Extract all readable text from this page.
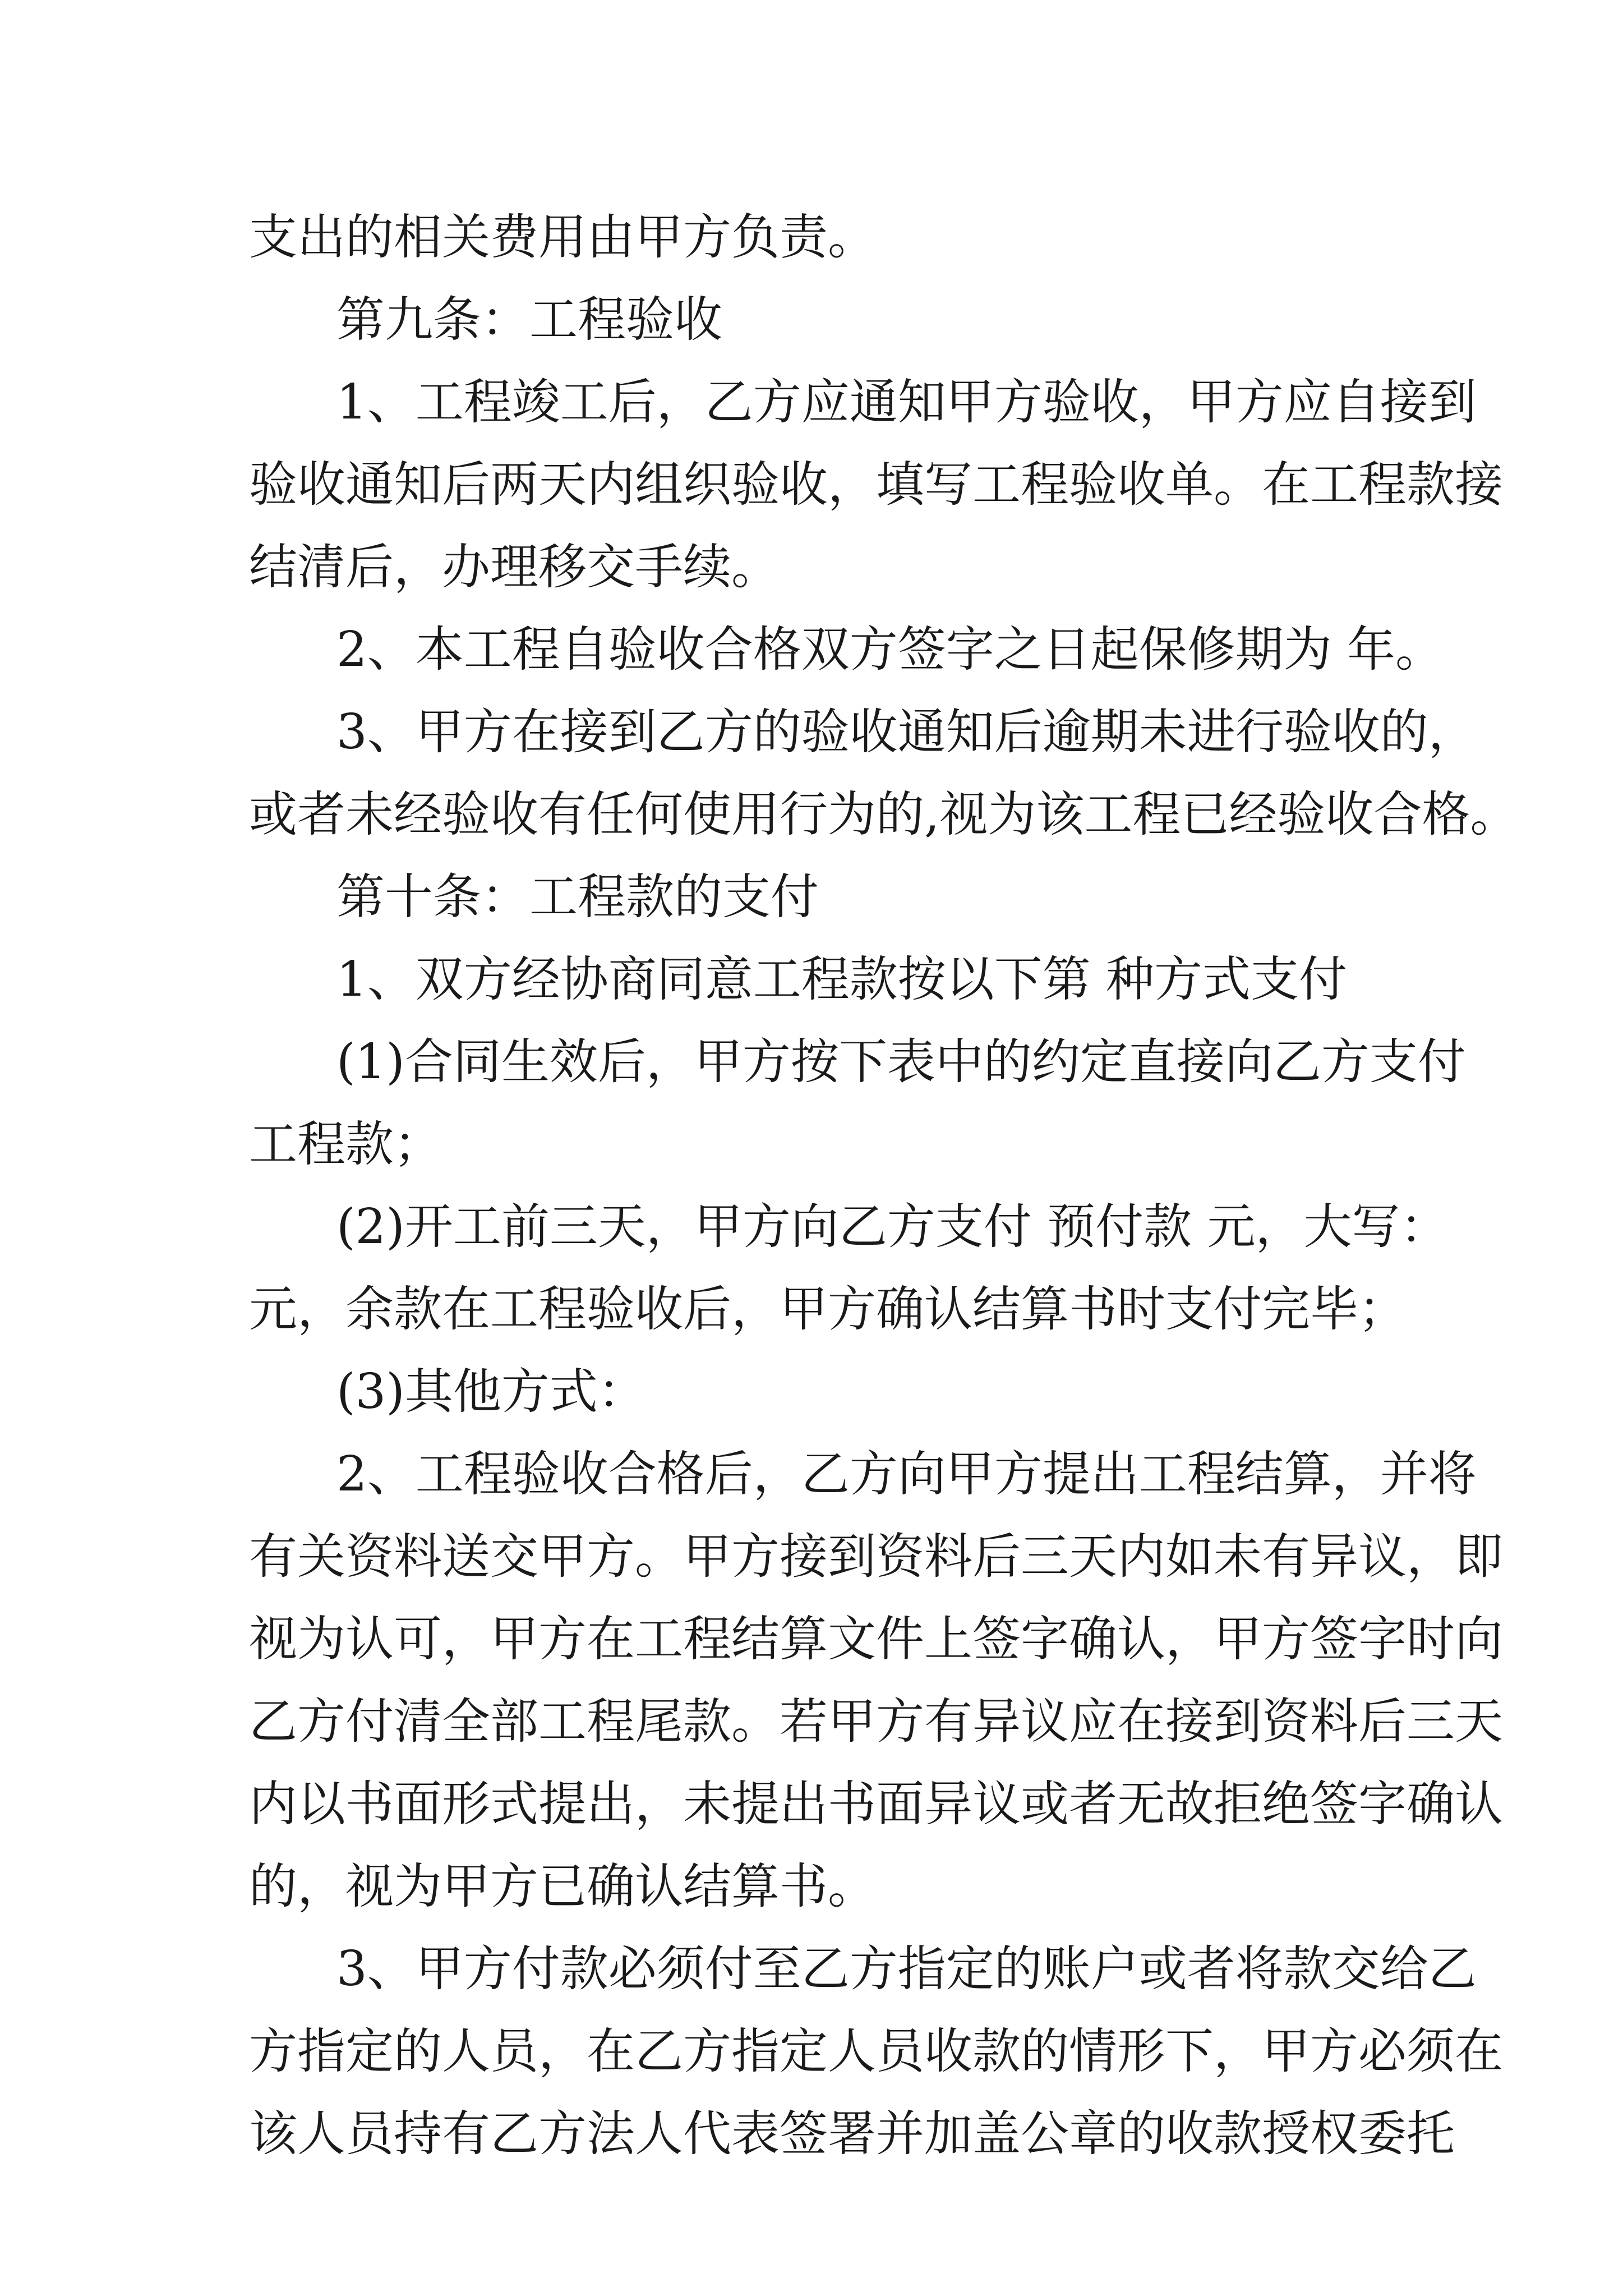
支出的相关费用由甲方负责。

第九条：工程验收

1、工程竣工后，乙方应通知甲方验收，甲方应自接到

验收通知后两天内组织验收，填写工程验收单。在工程款接

结清后，办理移交手续。

2、本工程自验收合格双方签字之日起保修期为 年。

3、甲方在接到乙方的验收通知后逾期未进行验收的，

或者未经验收有任何使用行为的,视为该工程已经验收合格。

第十条：工程款的支付

1、双方经协商同意工程款按以下第 种方式支付

(1)合同生效后，甲方按下表中的约定直接向乙方支付

工程款；

(2)开工前三天，甲方向乙方支付 预付款 元，大写：

元，余款在工程验收后，甲方确认结算书时支付完毕；

(3)其他方式：

2、工程验收合格后，乙方向甲方提出工程结算，并将

有关资料送交甲方。甲方接到资料后三天内如未有异议，即

视为认可，甲方在工程结算文件上签字确认，甲方签字时向

乙方付清全部工程尾款。若甲方有异议应在接到资料后三天

内以书面形式提出，未提出书面异议或者无故拒绝签字确认

的，视为甲方已确认结算书。

3、甲方付款必须付至乙方指定的账户或者将款交给乙

方指定的人员，在乙方指定人员收款的情形下，甲方必须在

该人员持有乙方法人代表签署并加盖公章的收款授权委托
